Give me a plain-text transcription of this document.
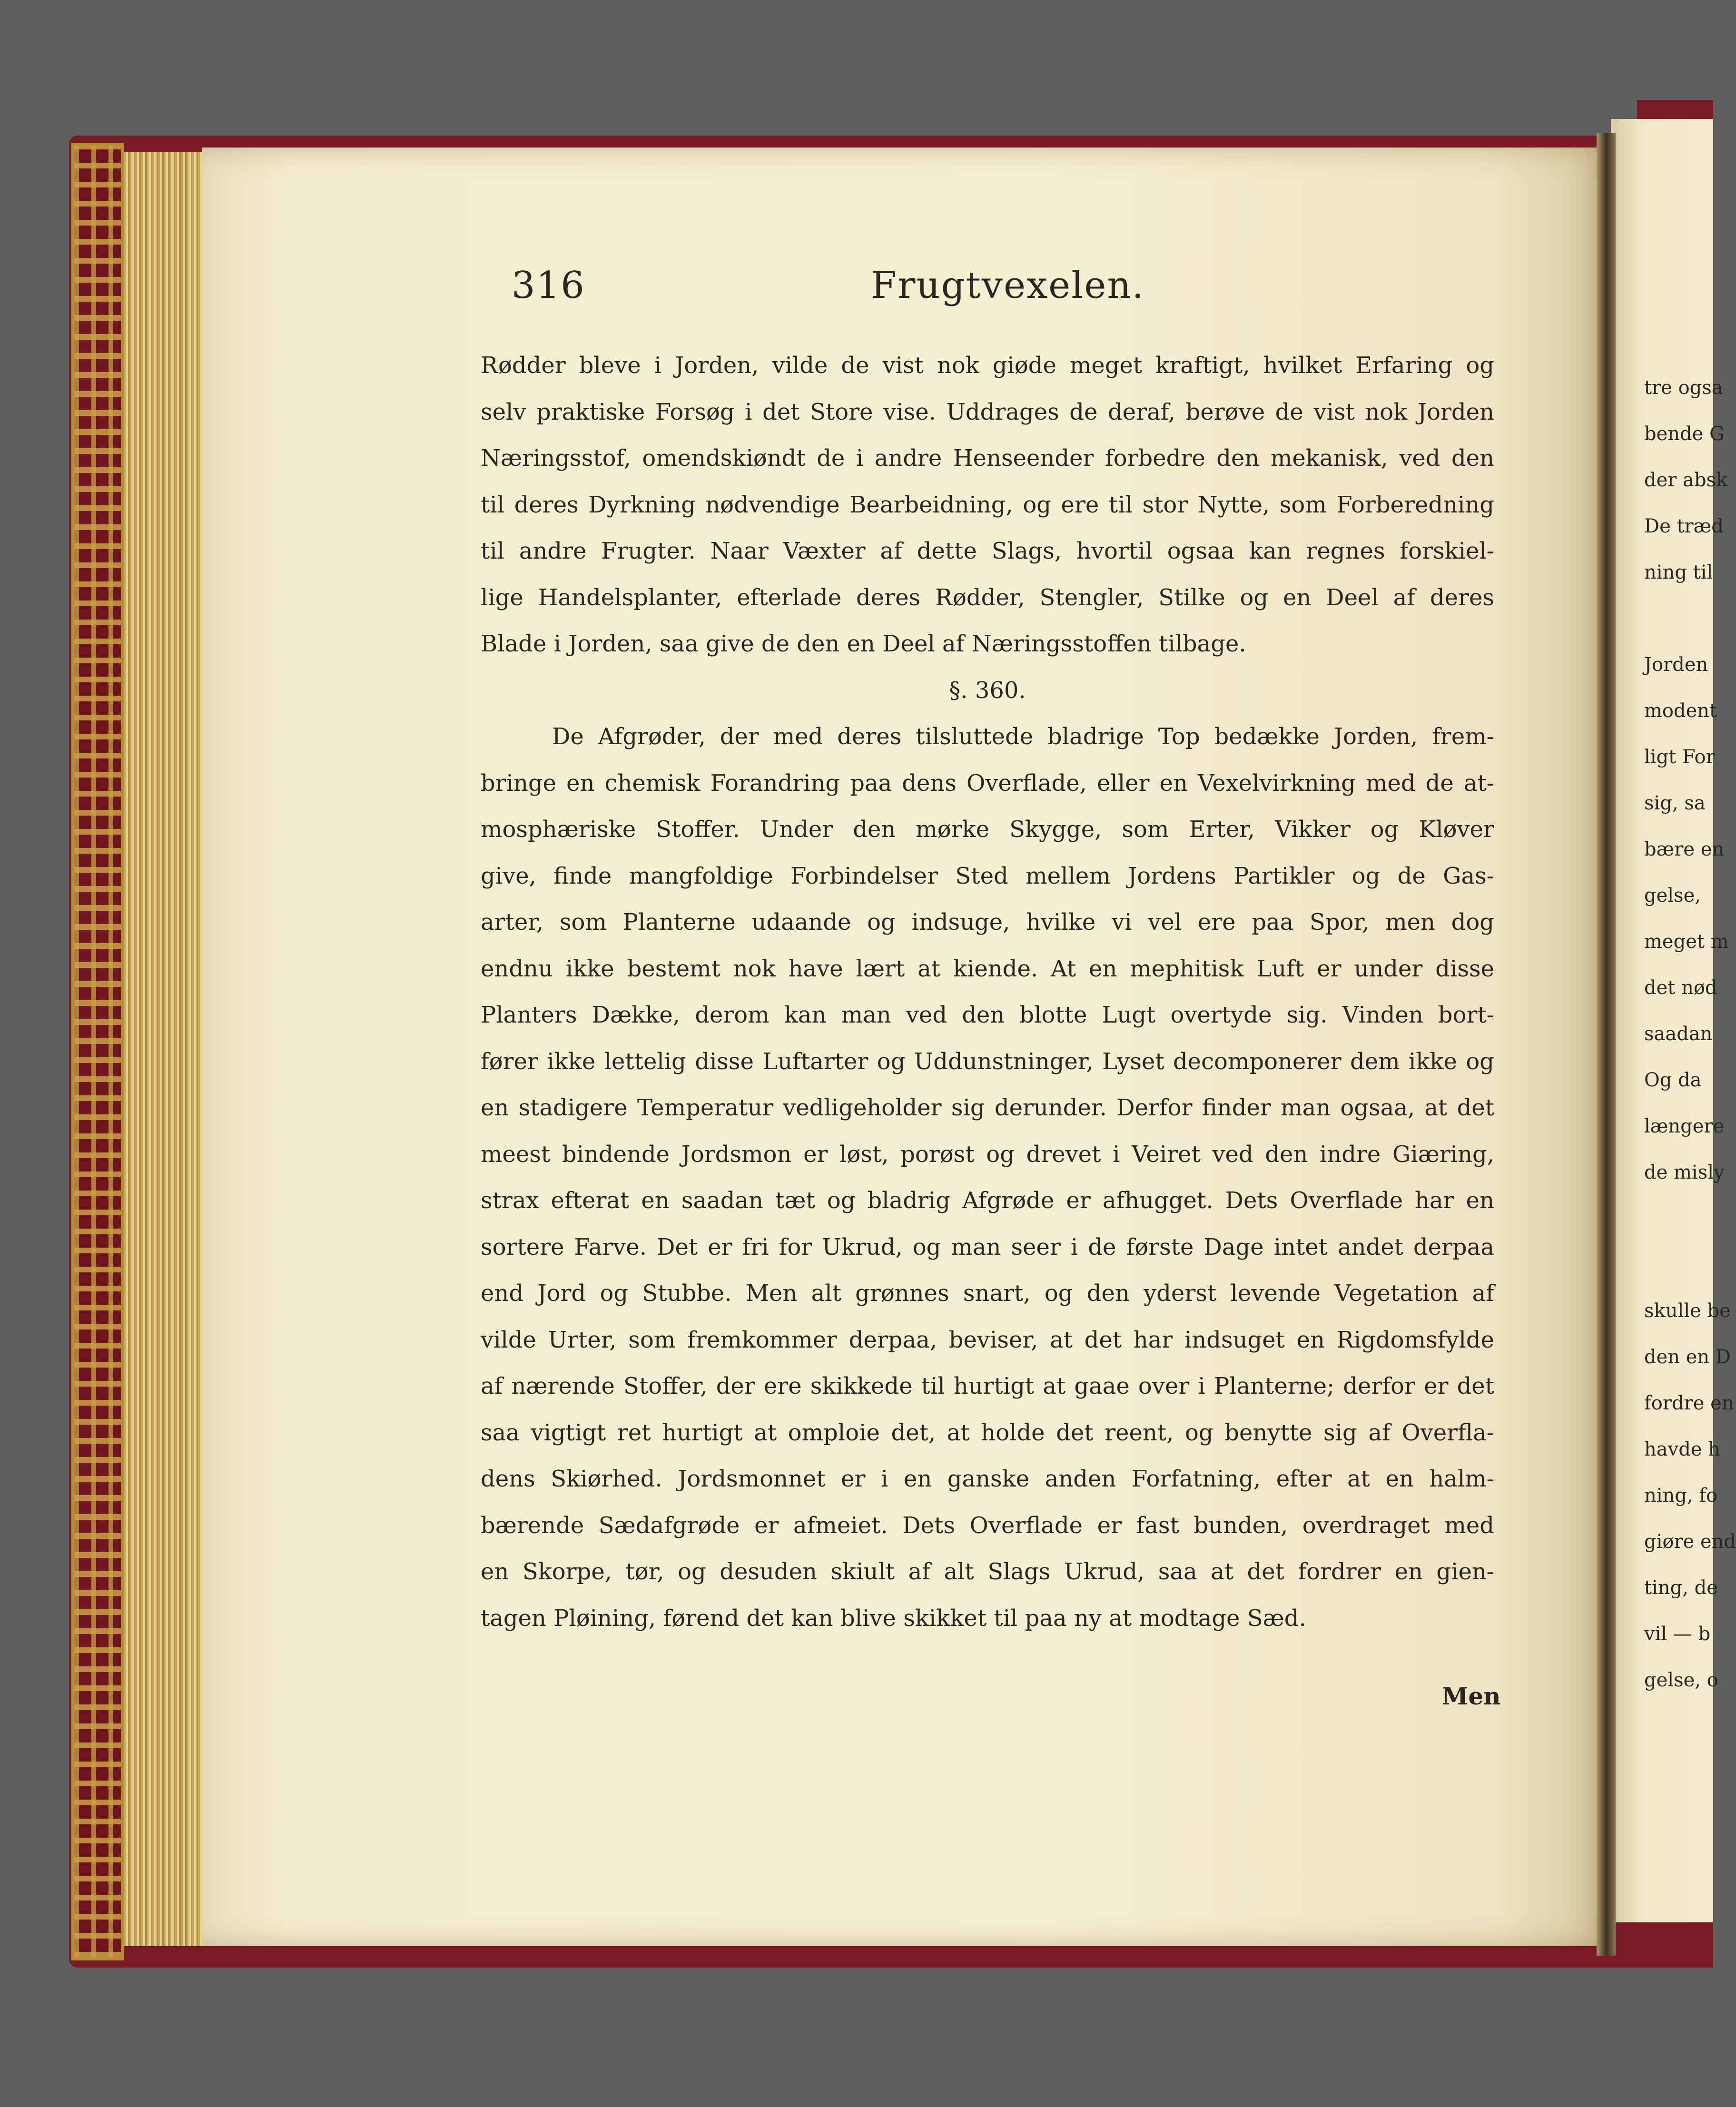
316	Frugtvexelen.
Rødder bleve i Jorden, vilde de vist nok giøde meget kraftigt, hvilket Erfaring og
selv praktiske Forsøg i det Store vise. Uddrages de deraf, berøve de vist nok Jorden
Næringsstof, omendskiøndt de i andre Henseender forbedre den mekanisk, ved den
til deres Dyrkning nødvendige Bearbeidning, og ere til stor Nytte, som Forberedning
til andre Frugter. Naar Væxter af dette Slags, hvortil ogsaa kan regnes forskiel-
lige Handelsplanter, efterlade deres Rødder, Stengler, Stilke og en Deel af deres
Blade i Jorden, saa give de den en Deel af Næringsstoffen tilbage.
§. 360.
De Afgrøder, der med deres tilsluttede bladrige Top bedække Jorden, frem-
bringe en chemisk Forandring paa dens Overflade, eller en Vexelvirkning med de at-
mosphæriske Stoffer. Under den mørke Skygge, som Erter, Vikker og Kløver
give, finde mangfoldige Forbindelser Sted mellem Jordens Partikler og de Gas-
arter, som Planterne udaande og indsuge, hvilke vi vel ere paa Spor, men dog
endnu ikke bestemt nok have lært at kiende. At en mephitisk Luft er under disse
Planters Dække, derom kan man ved den blotte Lugt overtyde sig. Vinden bort-
fører ikke lettelig disse Luftarter og Uddunstninger, Lyset decomponerer dem ikke og
en stadigere Temperatur vedligeholder sig derunder. Derfor finder man ogsaa, at det
meest bindende Jordsmon er løst, porøst og drevet i Veiret ved den indre Giæring,
strax efterat en saadan tæt og bladrig Afgrøde er afhugget. Dets Overflade har en
sortere Farve. Det er fri for Ukrud, og man seer i de første Dage intet andet derpaa
end Jord og Stubbe. Men alt grønnes snart, og den yderst levende Vegetation af
vilde Urter, som fremkommer derpaa, beviser, at det har indsuget en Rigdomsfylde
af nærende Stoffer, der ere skikkede til hurtigt at gaae over i Planterne; derfor er det
saa vigtigt ret hurtigt at omploie det, at holde det reent, og benytte sig af Overfla-
dens Skiørhed. Jordsmonnet er i en ganske anden Forfatning, efter at en halm-
bærende Sædafgrøde er afmeiet. Dets Overflade er fast bunden, overdraget med
en Skorpe, tør, og desuden skiult af alt Slags Ukrud, saa at det fordrer en gien-
tagen Pløining, førend det kan blive skikket til paa ny at modtage Sæd.
Men
tre ogsa
bende G
der absk
De træd
ning til
Jorden
modent
ligt For
sig, sa
bære en
gelse,
meget m
det nød
saadan
Og da
længere
de misly
skulle be
den en D
fordre en
havde h
ning, fo
giøre end
ting, de
vil — b
gelse, o
